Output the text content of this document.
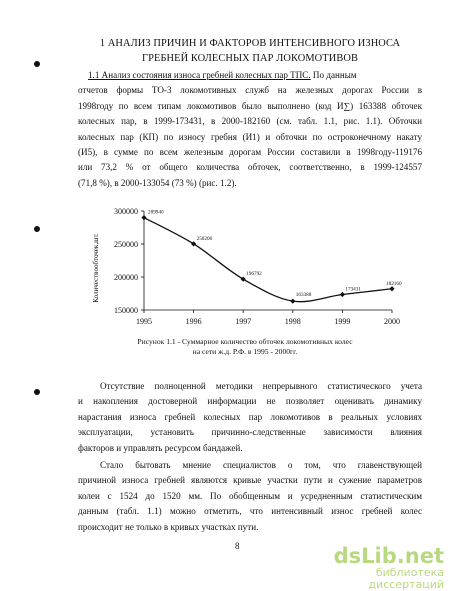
1 АНАЛИЗ ПРИЧИН И ФАКТОРОВ ИНТЕНСИВНОГО ИЗНОСА
ГРЕБНЕЙ КОЛЕСНЫХ ПАР ЛОКОМОТИВОВ
1.1 Анализ состояния износа гребней колесных пар ТПС. По данным
отчетов формы ТО-3 локомотивных служб на железных дорогах России в
1998году по всем типам локомотивов было выполнено (код И∑) 163388 обточек
колесных пар, в 1999-173431, в 2000-182160 (см. табл. 1.1, рис. 1.1). Обточки
колесных пар (КП) по износу гребня (И1) и обточки по остроконечному накату
(И5), в сумме по всем железным дорогам России составили в 1998году-119176
или 73,2 % от общего количества обточек, соответственно, в 1999-124557
(71,8 %), в 2000-133054 (73 %) (рис. 1.2).
Количествообточек,шт.
300000
250000
200000
150000
1995	1996	1997	1998	1999	2000
289940
250206
196792
163388
173431
182160
Рисунок 1.1 - Суммарное количество обточек локомотивных колес
на сети ж.д. Р.Ф. в 1995 - 2000гг.
Отсутствие полноценной методики непрерывного статистического учета
и накопления достоверной информации не позволяет оценивать динамику
нарастания износа гребней колесных пар локомотивов в реальных условиях
эксплуатации, установить причинно-следственные зависимости влияния
факторов и управлять ресурсом бандажей.
Стало бытовать мнение специалистов о том, что главенствующей
причиной износа гребней являются кривые участки пути и сужение параметров
колеи с 1524 до 1520 мм. По обобщенным и усредненным статистическим
данным (табл. 1.1) можно отметить, что интенсивный износ гребней колес
происходит не только в кривых участках пути.
8	dsLib.net
библиотека диссертаций
